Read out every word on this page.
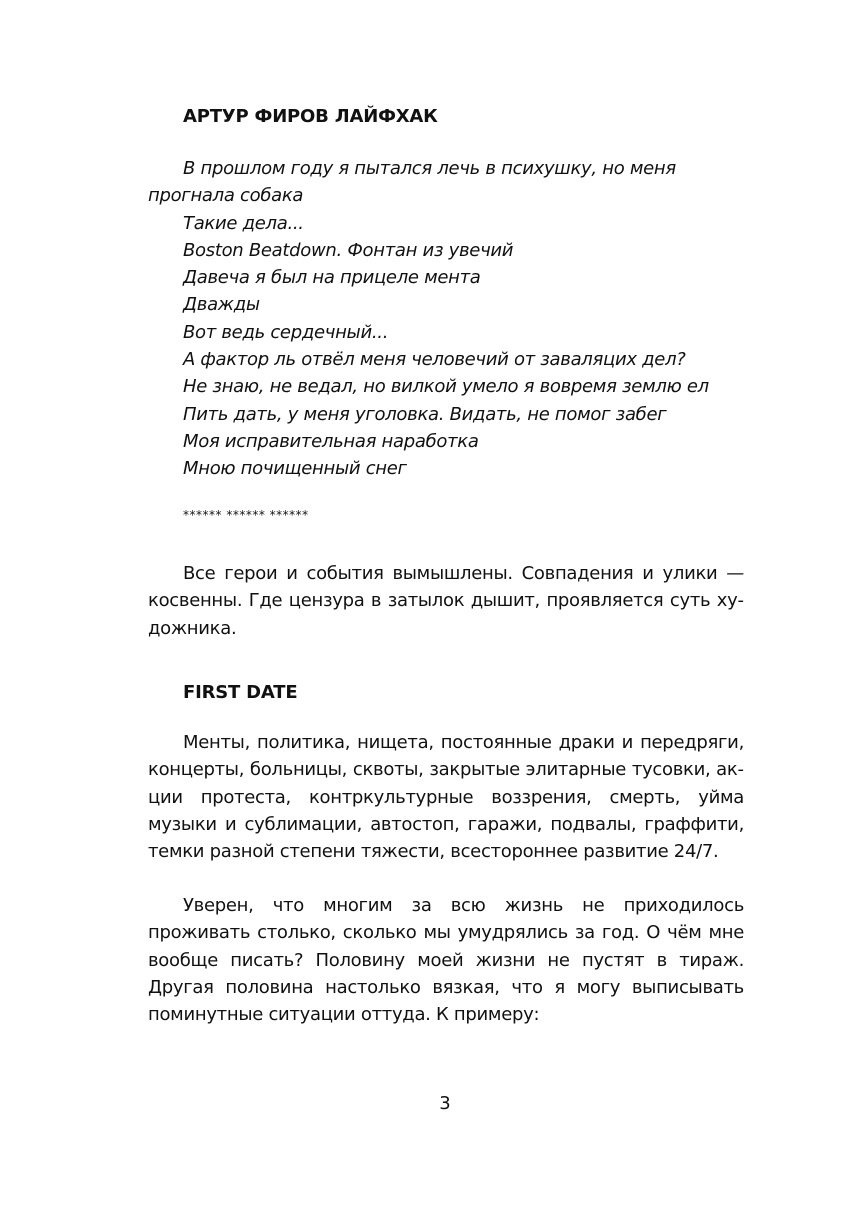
АРТУР ФИРОВ ЛАЙФХАК
В прошлом году я пытался лечь в психушку, но меня прогнала собака
Такие дела...
Boston Beatdown. Фонтан из увечий
Давеча я был на прицеле мента
Дважды
Вот ведь сердечный...
А фактор ль отвёл меня человечий от заваляцих дел?
Не знаю, не ведал, но вилкой умело я вовремя землю ел
Пить дать, у меня уголовка. Видать, не помог забег
Моя исправительная наработка
Мною почищенный снег
****** ****** ******

Все герои и события вымышлены. Совпадения и улики — косвенны. Где цензура в затылок дышит, проявляется суть художника.

FIRST DATE

Менты, политика, нищета, постоянные драки и передряги, концерты, больницы, сквоты, закрытые элитарные тусовки, акции протеста, контркультурные воззрения, смерть, уйма музыки и сублимации, автостоп, гаражи, подвалы, граффити, темки разной степени тяжести, всестороннее развитие 24/7.

Уверен, что многим за всю жизнь не приходилось проживать столько, сколько мы умудрялись за год. О чём мне вообще писать? Половину моей жизни не пустят в тираж. Другая половина настолько вязкая, что я могу выписывать поминутные ситуации оттуда. К примеру:

3
